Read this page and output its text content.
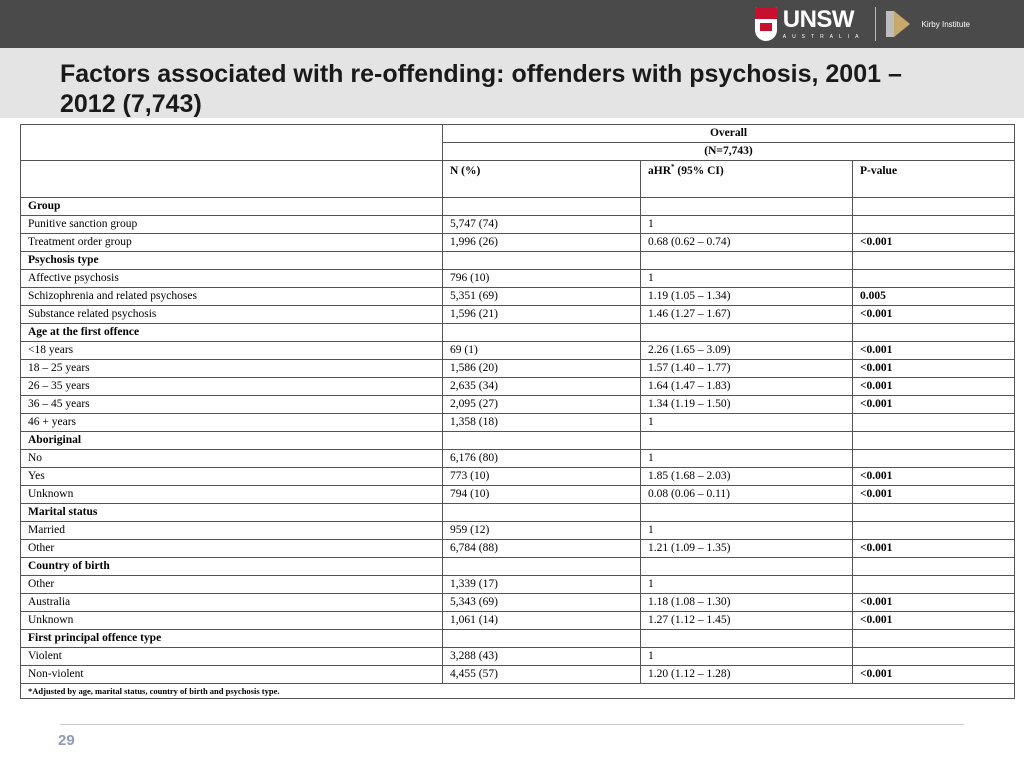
UNSW
AUSTRALIA
Kirby Institute
Factors associated with re-offending: offenders with psychosis, 2001 – 2012 (7,743)
	Overall		
	(N=7,743)		
	N (%)	aHR* (95% CI)	P-value
Group			
Punitive sanction group	5,747 (74)	1	
Treatment order group	1,996 (26)	0.68 (0.62 – 0.74)	<0.001
Psychosis type			
Affective psychosis	796 (10)	1	
Schizophrenia and related psychoses	5,351 (69)	1.19 (1.05 – 1.34)	0.005
Substance related psychosis	1,596 (21)	1.46 (1.27 – 1.67)	<0.001
Age at the first offence			
<18 years	69 (1)	2.26 (1.65 – 3.09)	<0.001
18 – 25 years	1,586 (20)	1.57 (1.40 – 1.77)	<0.001
26 – 35 years	2,635 (34)	1.64 (1.47 – 1.83)	<0.001
36 – 45 years	2,095 (27)	1.34 (1.19 – 1.50)	<0.001
46 + years	1,358 (18)	1	
Aboriginal			
No	6,176 (80)	1	
Yes	773 (10)	1.85 (1.68 – 2.03)	<0.001
Unknown	794 (10)	0.08 (0.06 – 0.11)	<0.001
Marital status			
Married	959 (12)	1	
Other	6,784 (88)	1.21 (1.09 – 1.35)	<0.001
Country of birth			
Other	1,339 (17)	1	
Australia	5,343 (69)	1.18 (1.08 – 1.30)	<0.001
Unknown	1,061 (14)	1.27 (1.12 – 1.45)	<0.001
First principal offence type			
Violent	3,288 (43)	1	
Non-violent	4,455 (57)	1.20 (1.12 – 1.28)	<0.001
*Adjusted by age, marital status, country of birth and psychosis type.			
29
